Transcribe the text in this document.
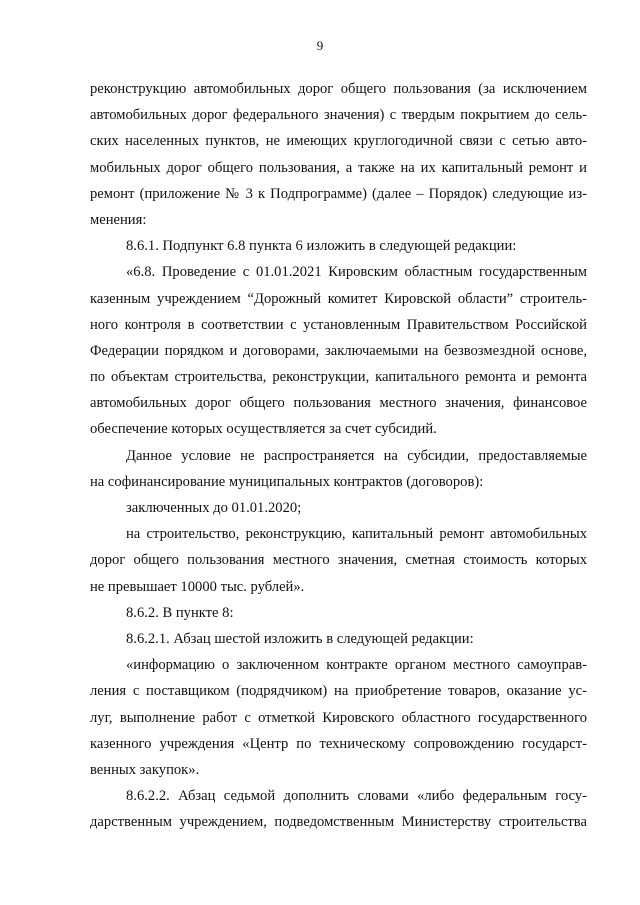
9
реконструкцию автомобильных дорог общего пользования (за исключением
автомобильных дорог федерального значения) с твердым покрытием до сель-
ских населенных пунктов, не имеющих круглогодичной связи с сетью авто-
мобильных дорог общего пользования, а также на их капитальный ремонт и
ремонт (приложение № 3 к Подпрограмме) (далее – Порядок) следующие из-
менения:
8.6.1. Подпункт 6.8 пункта 6 изложить в следующей редакции:
«6.8. Проведение с 01.01.2021 Кировским областным государственным
казенным учреждением “Дорожный комитет Кировской области” строитель-
ного контроля в соответствии с установленным Правительством Российской
Федерации порядком и договорами, заключаемыми на безвозмездной основе,
по объектам строительства, реконструкции, капитального ремонта и ремонта
автомобильных дорог общего пользования местного значения, финансовое
обеспечение которых осуществляется за счет субсидий.
Данное условие не распространяется на субсидии, предоставляемые
на софинансирование муниципальных контрактов (договоров):
заключенных до 01.01.2020;
на строительство, реконструкцию, капитальный ремонт автомобильных
дорог общего пользования местного значения, сметная стоимость которых
не превышает 10000 тыс. рублей».
8.6.2. В пункте 8:
8.6.2.1. Абзац шестой изложить в следующей редакции:
«информацию о заключенном контракте органом местного самоуправ-
ления с поставщиком (подрядчиком) на приобретение товаров, оказание ус-
луг, выполнение работ с отметкой Кировского областного государственного
казенного учреждения «Центр по техническому сопровождению государст-
венных закупок».
8.6.2.2. Абзац седьмой дополнить словами «либо федеральным госу-
дарственным учреждением, подведомственным Министерству строительства
